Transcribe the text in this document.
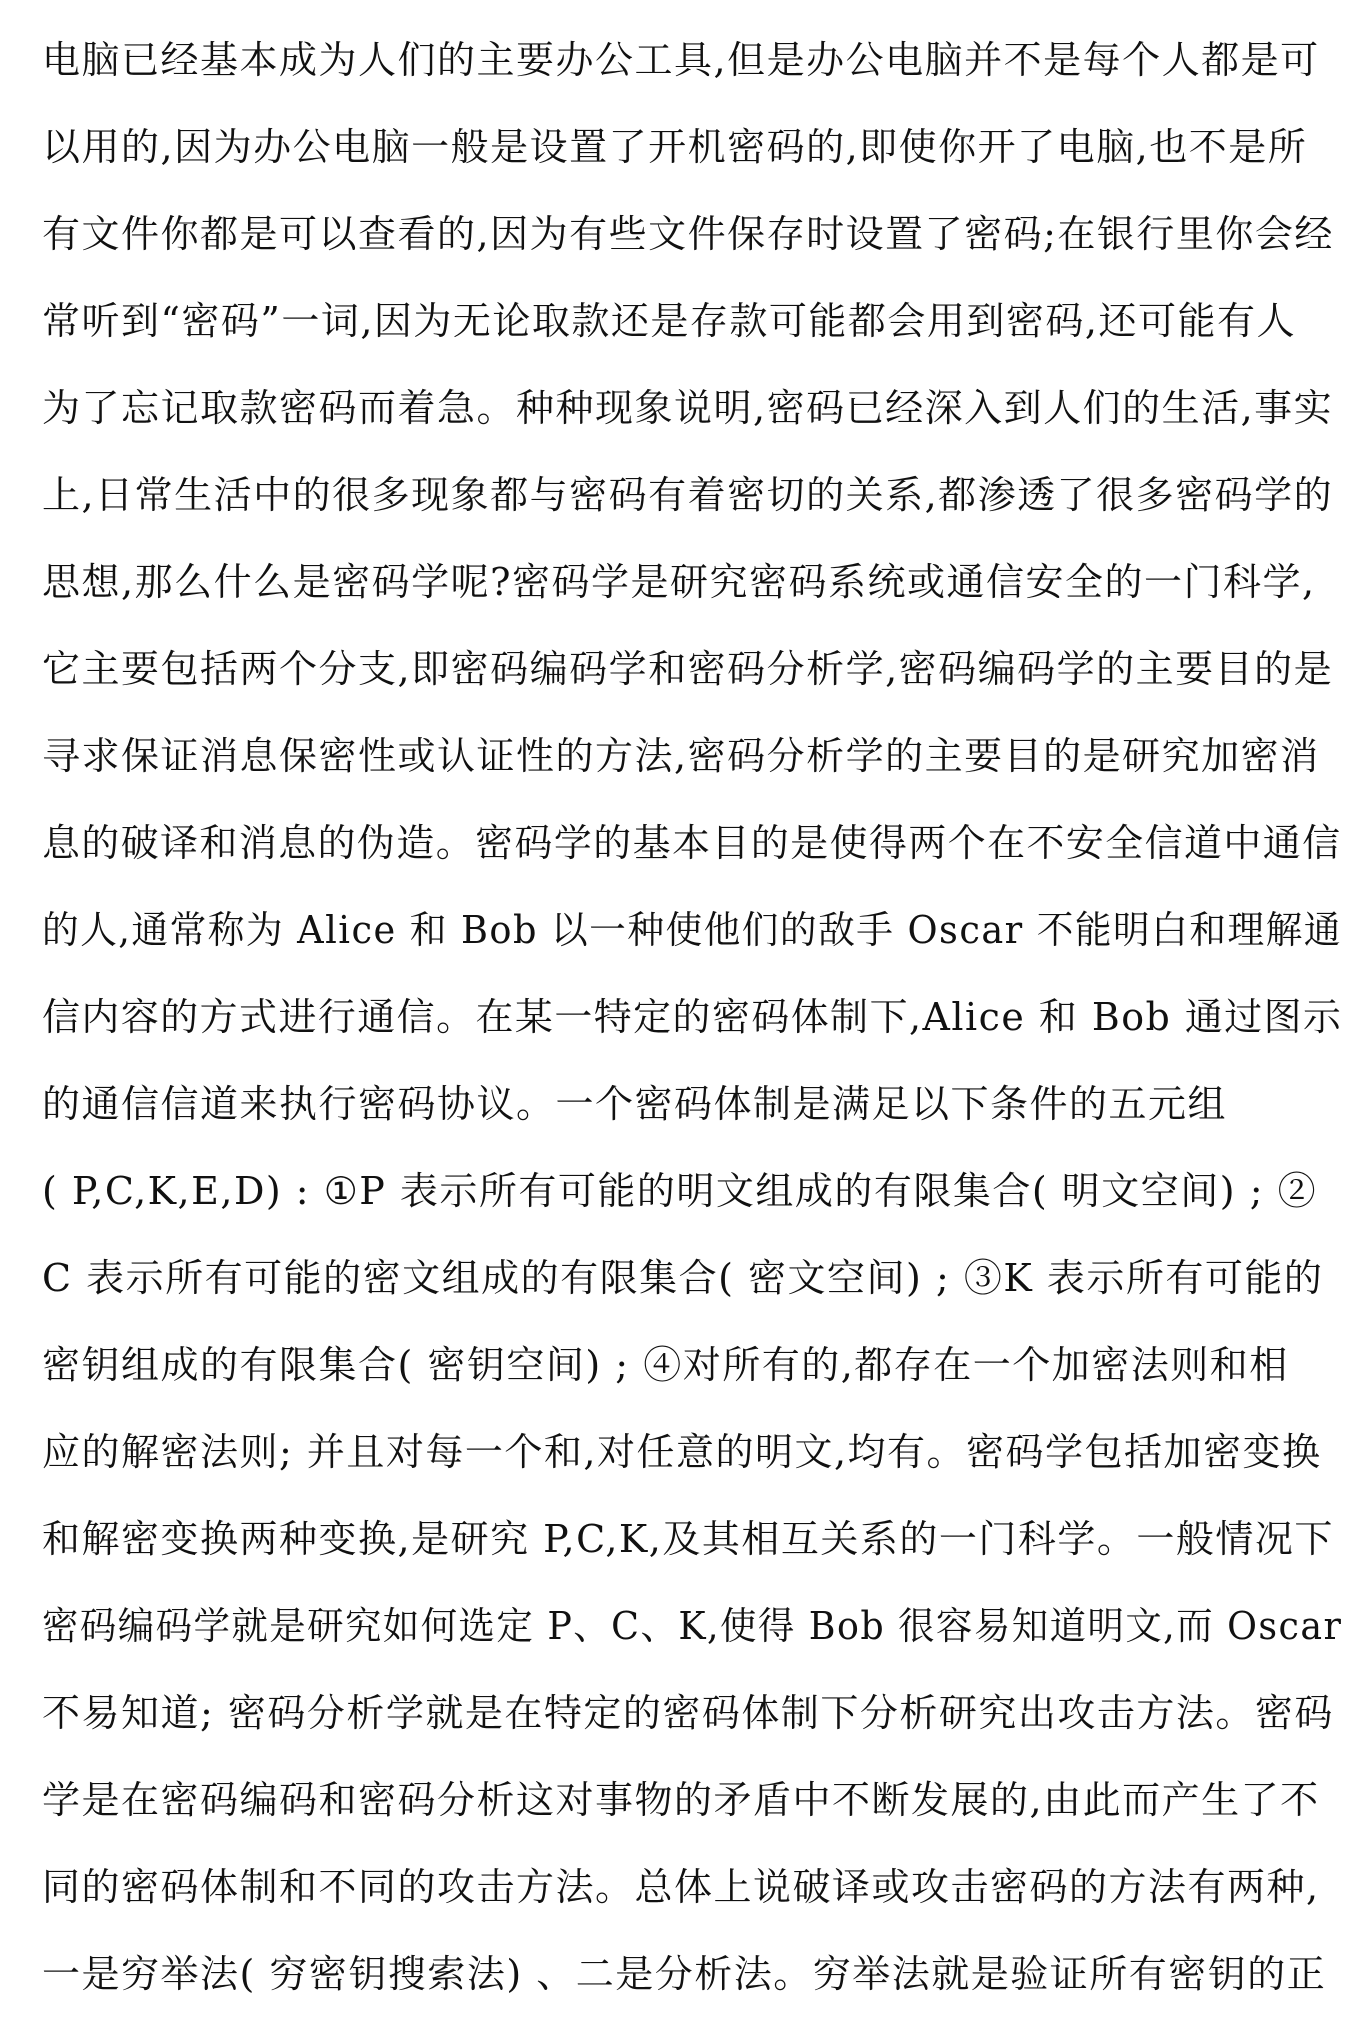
电脑已经基本成为人们的主要办公工具,但是办公电脑并不是每个人都是可
以用的,因为办公电脑一般是设置了开机密码的,即使你开了电脑,也不是所
有文件你都是可以查看的,因为有些文件保存时设置了密码;在银行里你会经
常听到“密码”一词,因为无论取款还是存款可能都会用到密码,还可能有人
为了忘记取款密码而着急。种种现象说明,密码已经深入到人们的生活,事实
上,日常生活中的很多现象都与密码有着密切的关系,都渗透了很多密码学的
思想,那么什么是密码学呢?密码学是研究密码系统或通信安全的一门科学,
它主要包括两个分支,即密码编码学和密码分析学,密码编码学的主要目的是
寻求保证消息保密性或认证性的方法,密码分析学的主要目的是研究加密消
息的破译和消息的伪造。密码学的基本目的是使得两个在不安全信道中通信
的人,通常称为 Alice 和 Bob 以一种使他们的敌手 Oscar 不能明白和理解通
信内容的方式进行通信。在某一特定的密码体制下,Alice 和 Bob 通过图示
的通信信道来执行密码协议。一个密码体制是满足以下条件的五元组
( P,C,K,E,D) : ①P 表示所有可能的明文组成的有限集合( 明文空间) ; ②
C 表示所有可能的密文组成的有限集合( 密文空间) ; ③K 表示所有可能的
密钥组成的有限集合( 密钥空间) ; ④对所有的,都存在一个加密法则和相
应的解密法则; 并且对每一个和,对任意的明文,均有。密码学包括加密变换
和解密变换两种变换,是研究 P,C,K,及其相互关系的一门科学。一般情况下
密码编码学就是研究如何选定 P、C、K,使得 Bob 很容易知道明文,而 Oscar
不易知道; 密码分析学就是在特定的密码体制下分析研究出攻击方法。密码
学是在密码编码和密码分析这对事物的矛盾中不断发展的,由此而产生了不
同的密码体制和不同的攻击方法。总体上说破译或攻击密码的方法有两种,
一是穷举法( 穷密钥搜索法) 、二是分析法。穷举法就是验证所有密钥的正
